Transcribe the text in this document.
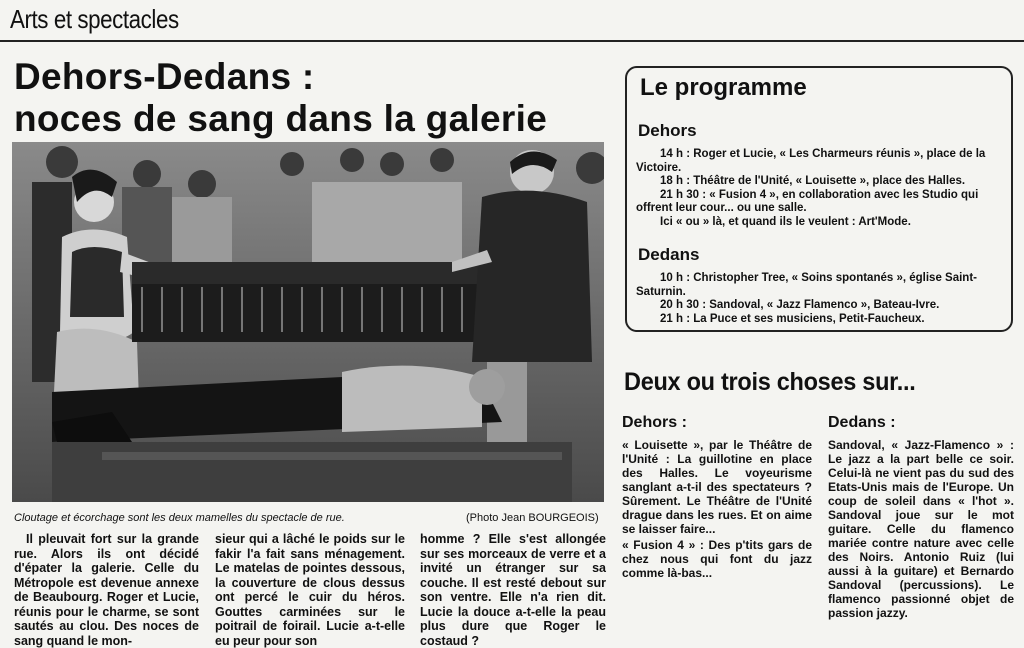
Arts et spectacles
Dehors-Dedans :
noces de sang dans la galerie
Cloutage et écorchage sont les deux mamelles du spectacle de rue.	(Photo Jean BOURGEOIS)

Il pleuvait fort sur la grande rue. Alors ils ont décidé d'épater la galerie. Celle du Métropole est devenue annexe de Beaubourg. Roger et Lucie, réunis pour le charme, se sont sautés au clou. Des noces de sang quand le mon-

sieur qui a lâché le poids sur le fakir l'a fait sans ménagement. Le matelas de pointes dessous, la couverture de clous dessus ont percé le cuir du héros. Gouttes carminées sur le poitrail de foirail. Lucie a-t-elle eu peur pour son

homme ? Elle s'est allongée sur ses morceaux de verre et a invité un étranger sur sa couche. Il est resté debout sur son ventre. Elle n'a rien dit. Lucie la douce a-t-elle la peau plus dure que Roger le costaud ?

Le programme
Dehors
14 h : Roger et Lucie, « Les Charmeurs réunis », place de la Victoire.
18 h : Théâtre de l'Unité, « Louisette », place des Halles.
21 h 30 : « Fusion 4 », en collaboration avec les Studio qui offrent leur cour... ou une salle.
Ici « ou » là, et quand ils le veulent : Art'Mode.
Dedans
10 h : Christopher Tree, « Soins spontanés », église Saint-Saturnin.
20 h 30 : Sandoval, « Jazz Flamenco », Bateau-Ivre.
21 h : La Puce et ses musiciens, Petit-Faucheux.
Deux ou trois choses sur...
Dehors :

« Louisette », par le Théâtre de l'Unité : La guillotine en place des Halles. Le voyeurisme sanglant a-t-il des spectateurs ? Sûrement. Le Théâtre de l'Unité drague dans les rues. Et on aime se laisser faire...

« Fusion 4 » : Des p'tits gars de chez nous qui font du jazz comme là-bas...

Dedans :

Sandoval, « Jazz-Flamenco » : Le jazz a la part belle ce soir. Celui-là ne vient pas du sud des Etats-Unis mais de l'Europe. Un coup de soleil dans « l'hot ». Sandoval joue sur le mot guitare. Celle du flamenco mariée contre nature avec celle des Noirs. Antonio Ruiz (lui aussi à la guitare) et Bernardo Sandoval (percussions). Le flamenco passionné objet de passion jazzy.
